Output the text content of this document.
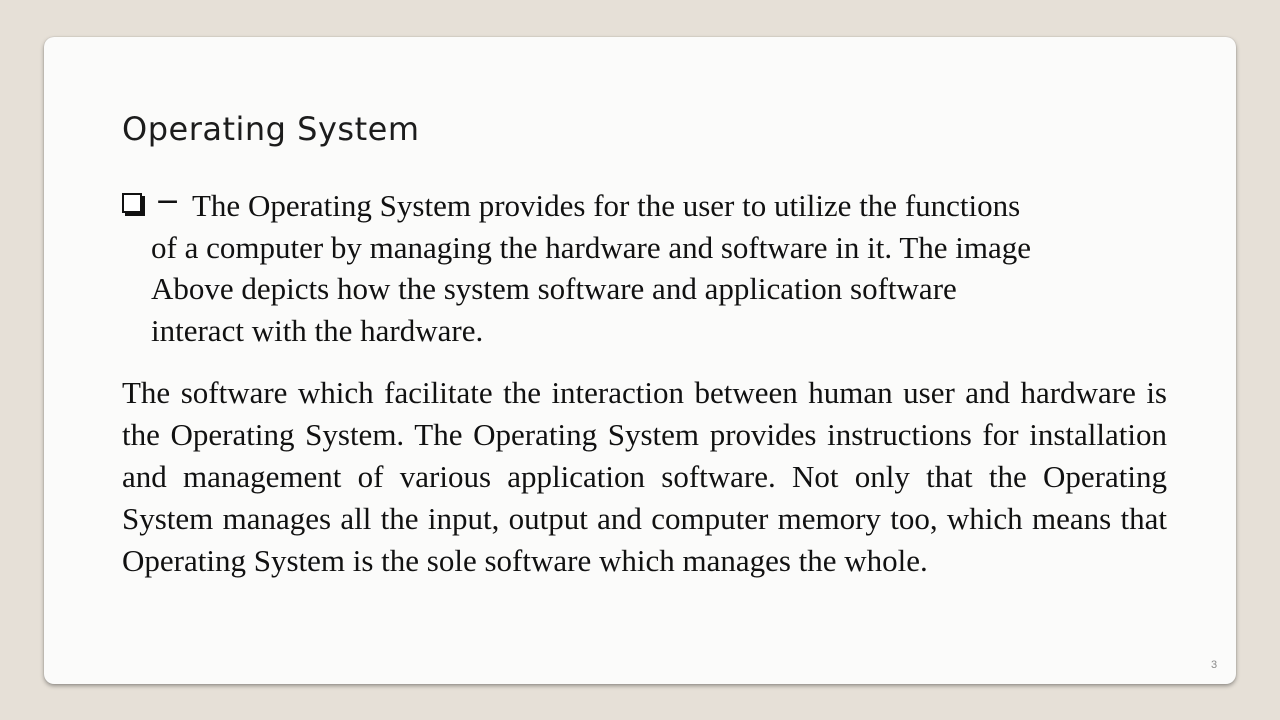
Operating System
− The Operating System provides for the user to utilize the functions
of a computer by managing the hardware and software in it. The image
Above depicts how the system software and application software
interact with the hardware.

The software which facilitate the interaction between human user and hardware is the Operating System. The Operating System provides instructions for installation and management of various application software. Not only that the Operating System manages all the input, output and computer memory too, which means that Operating System is the sole software which manages the whole.

3
